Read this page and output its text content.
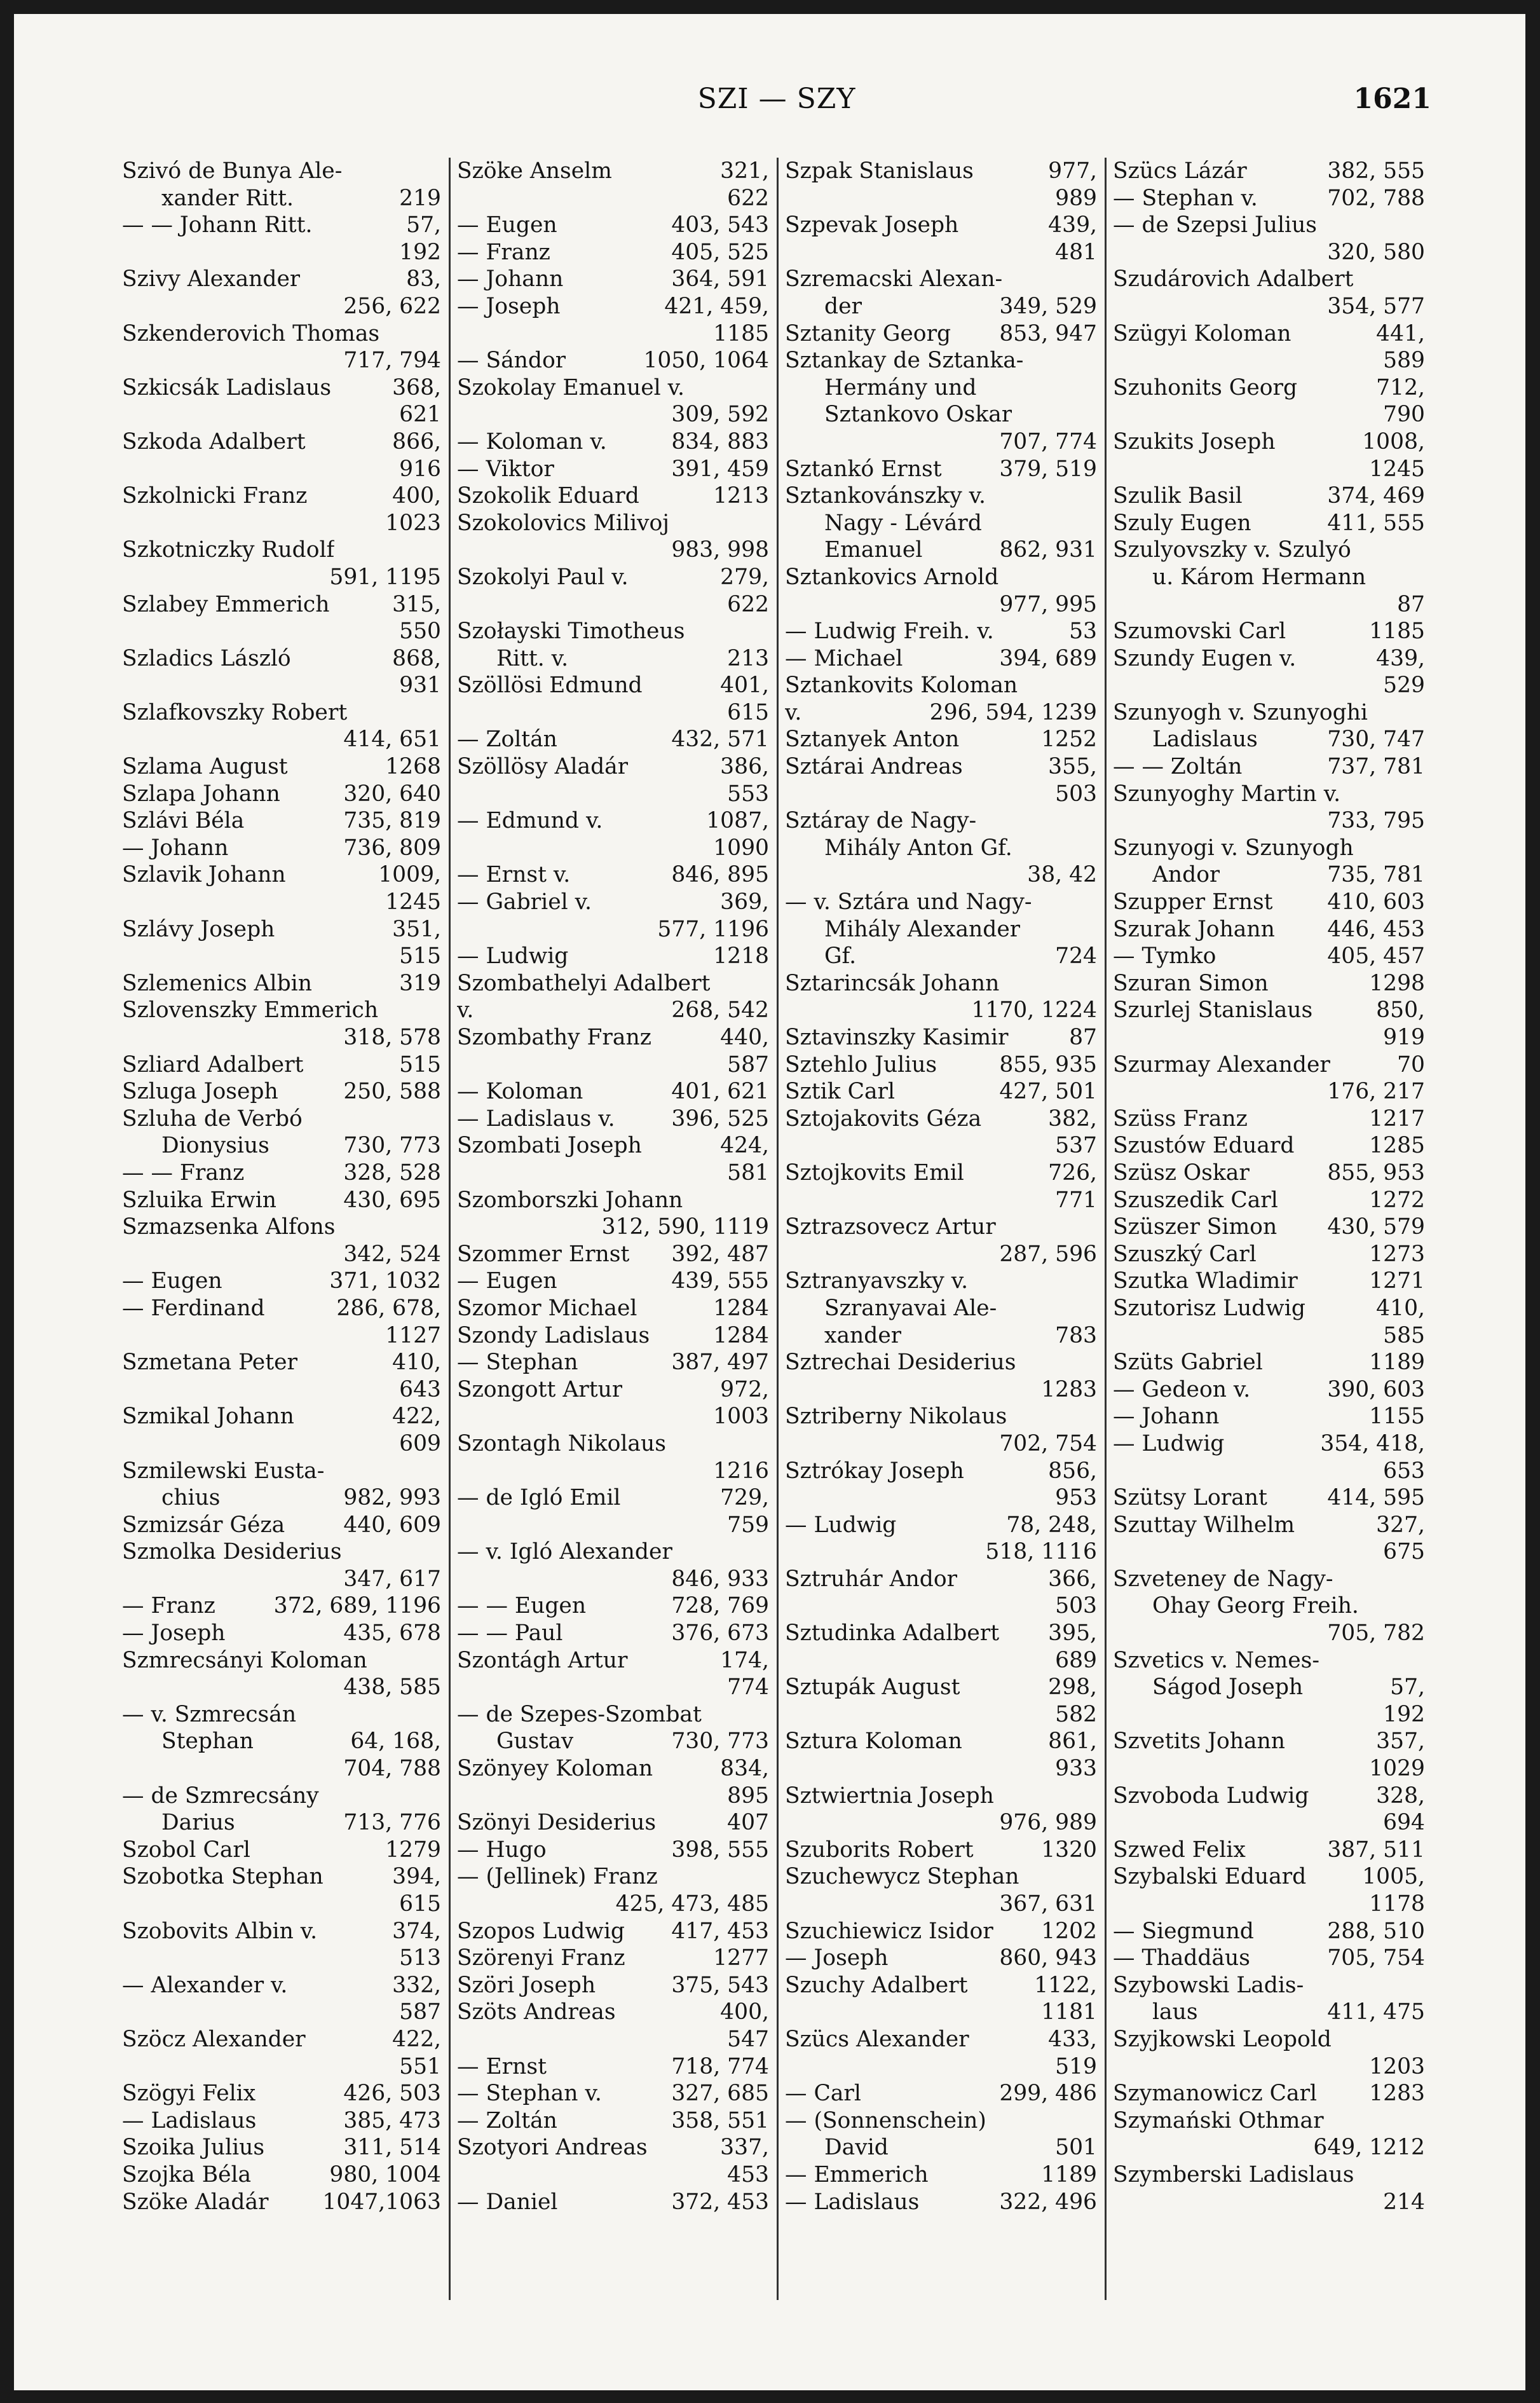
SZI — SZY	1621
Szivó de Bunya Ale-
xander Ritt.	219
— — Johann Ritt.	57,
192
Szivy Alexander	83,
256, 622
Szkenderovich Thomas
717, 794
Szkicsák Ladislaus	368,
621
Szkoda Adalbert	866,
916
Szkolnicki Franz	400,
1023
Szkotniczky Rudolf
591, 1195
Szlabey Emmerich	315,
550
Szladics László	868,
931
Szlafkovszky Robert
414, 651
Szlama August	1268
Szlapa Johann	320, 640
Szlávi Béla	735, 819
— Johann	736, 809
Szlavik Johann	1009,
1245
Szlávy Joseph	351,
515
Szlemenics Albin	319
Szlovenszky Emmerich
318, 578
Szliard Adalbert	515
Szluga Joseph	250, 588
Szluha de Verbó
Dionysius	730, 773
— — Franz	328, 528
Szluika Erwin	430, 695
Szmazsenka Alfons
342, 524
— Eugen	371, 1032
— Ferdinand	286, 678,
1127
Szmetana Peter	410,
643
Szmikal Johann	422,
609
Szmilewski Eusta-
chius	982, 993
Szmizsár Géza	440, 609
Szmolka Desiderius
347, 617
— Franz	372, 689, 1196
— Joseph	435, 678
Szmrecsányi Koloman
438, 585
— v. Szmrecsán
Stephan	64, 168,
704, 788
— de Szmrecsány
Darius	713, 776
Szobol Carl	1279
Szobotka Stephan	394,
615
Szobovits Albin v.	374,
513
— Alexander v.	332,
587
Szöcz Alexander	422,
551
Szögyi Felix	426, 503
— Ladislaus	385, 473
Szoika Julius	311, 514
Szojka Béla	980, 1004
Szöke Aladár 1047,1063
Szöke Anselm	321,
622
— Eugen	403, 543
— Franz	405, 525
— Johann	364, 591
— Joseph	421, 459,
1185
— Sándor	1050, 1064
Szokolay Emanuel v.
309, 592
— Koloman v.	834, 883
— Viktor	391, 459
Szokolik Eduard	1213
Szokolovics Milivoj
983, 998
Szokolyi Paul v.	279,
622
Szołayski Timotheus
Ritt. v.	213
Szöllösi Edmund	401,
615
— Zoltán	432, 571
Szöllösy Aladár	386,
553
— Edmund v.	1087,
1090
— Ernst v.	846, 895
— Gabriel v.	369,
577, 1196
— Ludwig	1218
Szombathelyi Adalbert
v.	268, 542
Szombathy Franz	440,
587
— Koloman	401, 621
— Ladislaus v.	396, 525
Szombati Joseph	424,
581
Szomborszki Johann
312, 590, 1119
Szommer Ernst 392, 487
— Eugen	439, 555
Szomor Michael	1284
Szondy Ladislaus	1284
— Stephan	387, 497
Szongott Artur	972,
1003
Szontagh Nikolaus
1216
— de Igló Emil	729,
759
— v. Igló Alexander
846, 933
— — Eugen	728, 769
— — Paul	376, 673
Szontágh Artur	174,
774
— de Szepes-Szombat
Gustav	730, 773
Szönyey Koloman	834,
895
Szönyi Desiderius	407
— Hugo	398, 555
— (Jellinek) Franz
425, 473, 485
Szopos Ludwig 417, 453
Szörenyi Franz	1277
Szöri Joseph	375, 543
Szöts Andreas	400,
547
— Ernst	718, 774
— Stephan v.	327, 685
— Zoltán	358, 551
Szotyori Andreas	337,
453
— Daniel	372, 453
Szpak Stanislaus	977,
989
Szpevak Joseph	439,
481
Szremacski Alexan-
der	349, 529
Sztanity Georg 853, 947
Sztankay de Sztanka-
Hermány und
Sztankovo Oskar
707, 774
Sztankó Ernst	379, 519
Sztankovánszky v.
Nagy - Lévárd
Emanuel	862, 931
Sztankovics Arnold
977, 995
— Ludwig Freih. v.	53
— Michael	394, 689
Sztankovits Koloman
v.	296, 594, 1239
Sztanyek Anton	1252
Sztárai Andreas	355,
503
Sztáray de Nagy-
Mihály Anton Gf.
38, 42
— v. Sztára und Nagy-
Mihály Alexander
Gf.	724
Sztarincsák Johann
1170, 1224
Sztavinszky Kasimir	87
Sztehlo Julius	855, 935
Sztik Carl	427, 501
Sztojakovits Géza	382,
537
Sztojkovits Emil	726,
771
Sztrazsovecz Artur
287, 596
Sztranyavszky v.
Szranyavai Ale-
xander	783
Sztrechai Desiderius
1283
Sztriberny Nikolaus
702, 754
Sztrókay Joseph	856,
953
— Ludwig	78, 248,
518, 1116
Sztruhár Andor	366,
503
Sztudinka Adalbert 395,
689
Sztupák August	298,
582
Sztura Koloman	861,
933
Sztwiertnia Joseph
976, 989
Szuborits Robert	1320
Szuchewycz Stephan
367, 631
Szuchiewicz Isidor 1202
— Joseph	860, 943
Szuchy Adalbert	1122,
1181
Szücs Alexander	433,
519
— Carl	299, 486
— (Sonnenschein)
David	501
— Emmerich	1189
— Ladislaus	322, 496
Szücs Lázár	382, 555
— Stephan v.	702, 788
— de Szepsi Julius
320, 580
Szudárovich Adalbert
354, 577
Szügyi Koloman	441,
589
Szuhonits Georg	712,
790
Szukits Joseph	1008,
1245
Szulik Basil	374, 469
Szuly Eugen	411, 555
Szulyovszky v. Szulyó
u. Károm Hermann
87
Szumovski Carl	1185
Szundy Eugen v.	439,
529
Szunyogh v. Szunyoghi
Ladislaus	730, 747
— — Zoltán	737, 781
Szunyoghy Martin v.
733, 795
Szunyogi v. Szunyogh
Andor	735, 781
Szupper Ernst 410, 603
Szurak Johann 446, 453
— Tymko	405, 457
Szuran Simon	1298
Szurlej Stanislaus	850,
919
Szurmay Alexander	70
176, 217
Szüss Franz	1217
Szustów Eduard	1285
Szüsz Oskar	855, 953
Szuszedik Carl	1272
Szüszer Simon 430, 579
Szuszký Carl	1273
Szutka Wladimir	1271
Szutorisz Ludwig	410,
585
Szüts Gabriel	1189
— Gedeon v.	390, 603
— Johann	1155
— Ludwig	354, 418,
653
Szütsy Lorant	414, 595
Szuttay Wilhelm	327,
675
Szveteney de Nagy-
Ohay Georg Freih.
705, 782
Szvetics v. Nemes-
Ságod Joseph	57,
192
Szvetits Johann	357,
1029
Szvoboda Ludwig	328,
694
Szwed Felix	387, 511
Szybalski Eduard	1005,
1178
— Siegmund	288, 510
— Thaddäus	705, 754
Szybowski Ladis-
laus	411, 475
Szyjkowski Leopold
1203
Szymanowicz Carl 1283
Szymański Othmar
649, 1212
Szymberski Ladislaus
214
